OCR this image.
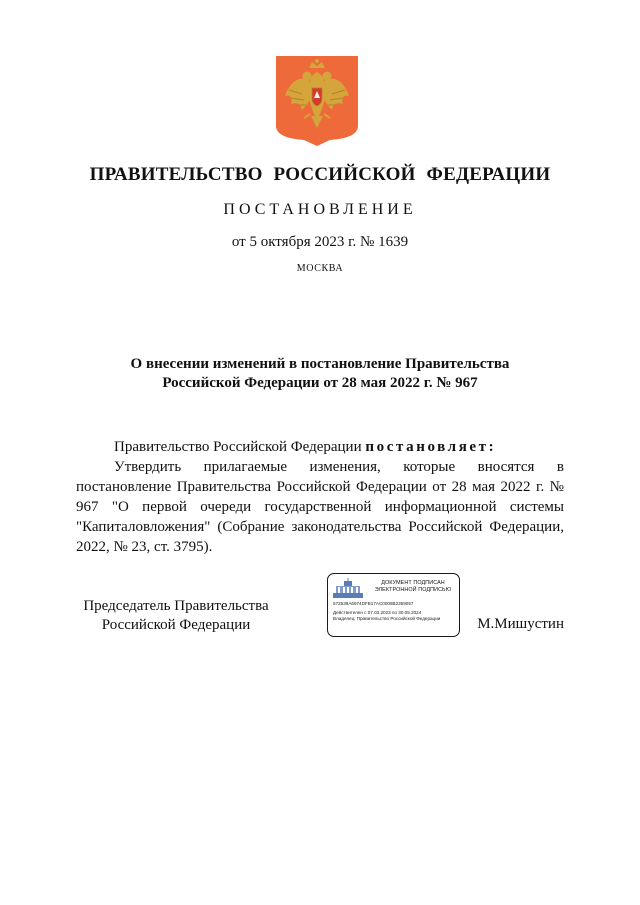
ПРАВИТЕЛЬСТВО РОССИЙСКОЙ ФЕДЕРАЦИИ
ПОСТАНОВЛЕНИЕ
от 5 октября 2023 г. № 1639
МОСКВА
О внесении изменений в постановление Правительства
Российской Федерации от 28 мая 2022 г. № 967
Правительство Российской Федерации постановляет:
Утвердить прилагаемые изменения, которые вносятся в постановление Правительства Российской Федерации от 28 мая 2022 г. № 967 "О первой очереди государственной информационной системы "Капиталовложения" (Собрание законодательства Российской Федерации, 2022, № 23, ст. 3795).
Председатель Правительства
Российской Федерации
ДОКУМЕНТ ПОДПИСАН
ЭЛЕКТРОННОЙ ПОДПИСЬЮ
572539A6974DFB17AC0008B2359057
Действителен с 07.03.2023 по 30.05.2024
Владелец: Правительство Российской Федерации	М.Мишустин
